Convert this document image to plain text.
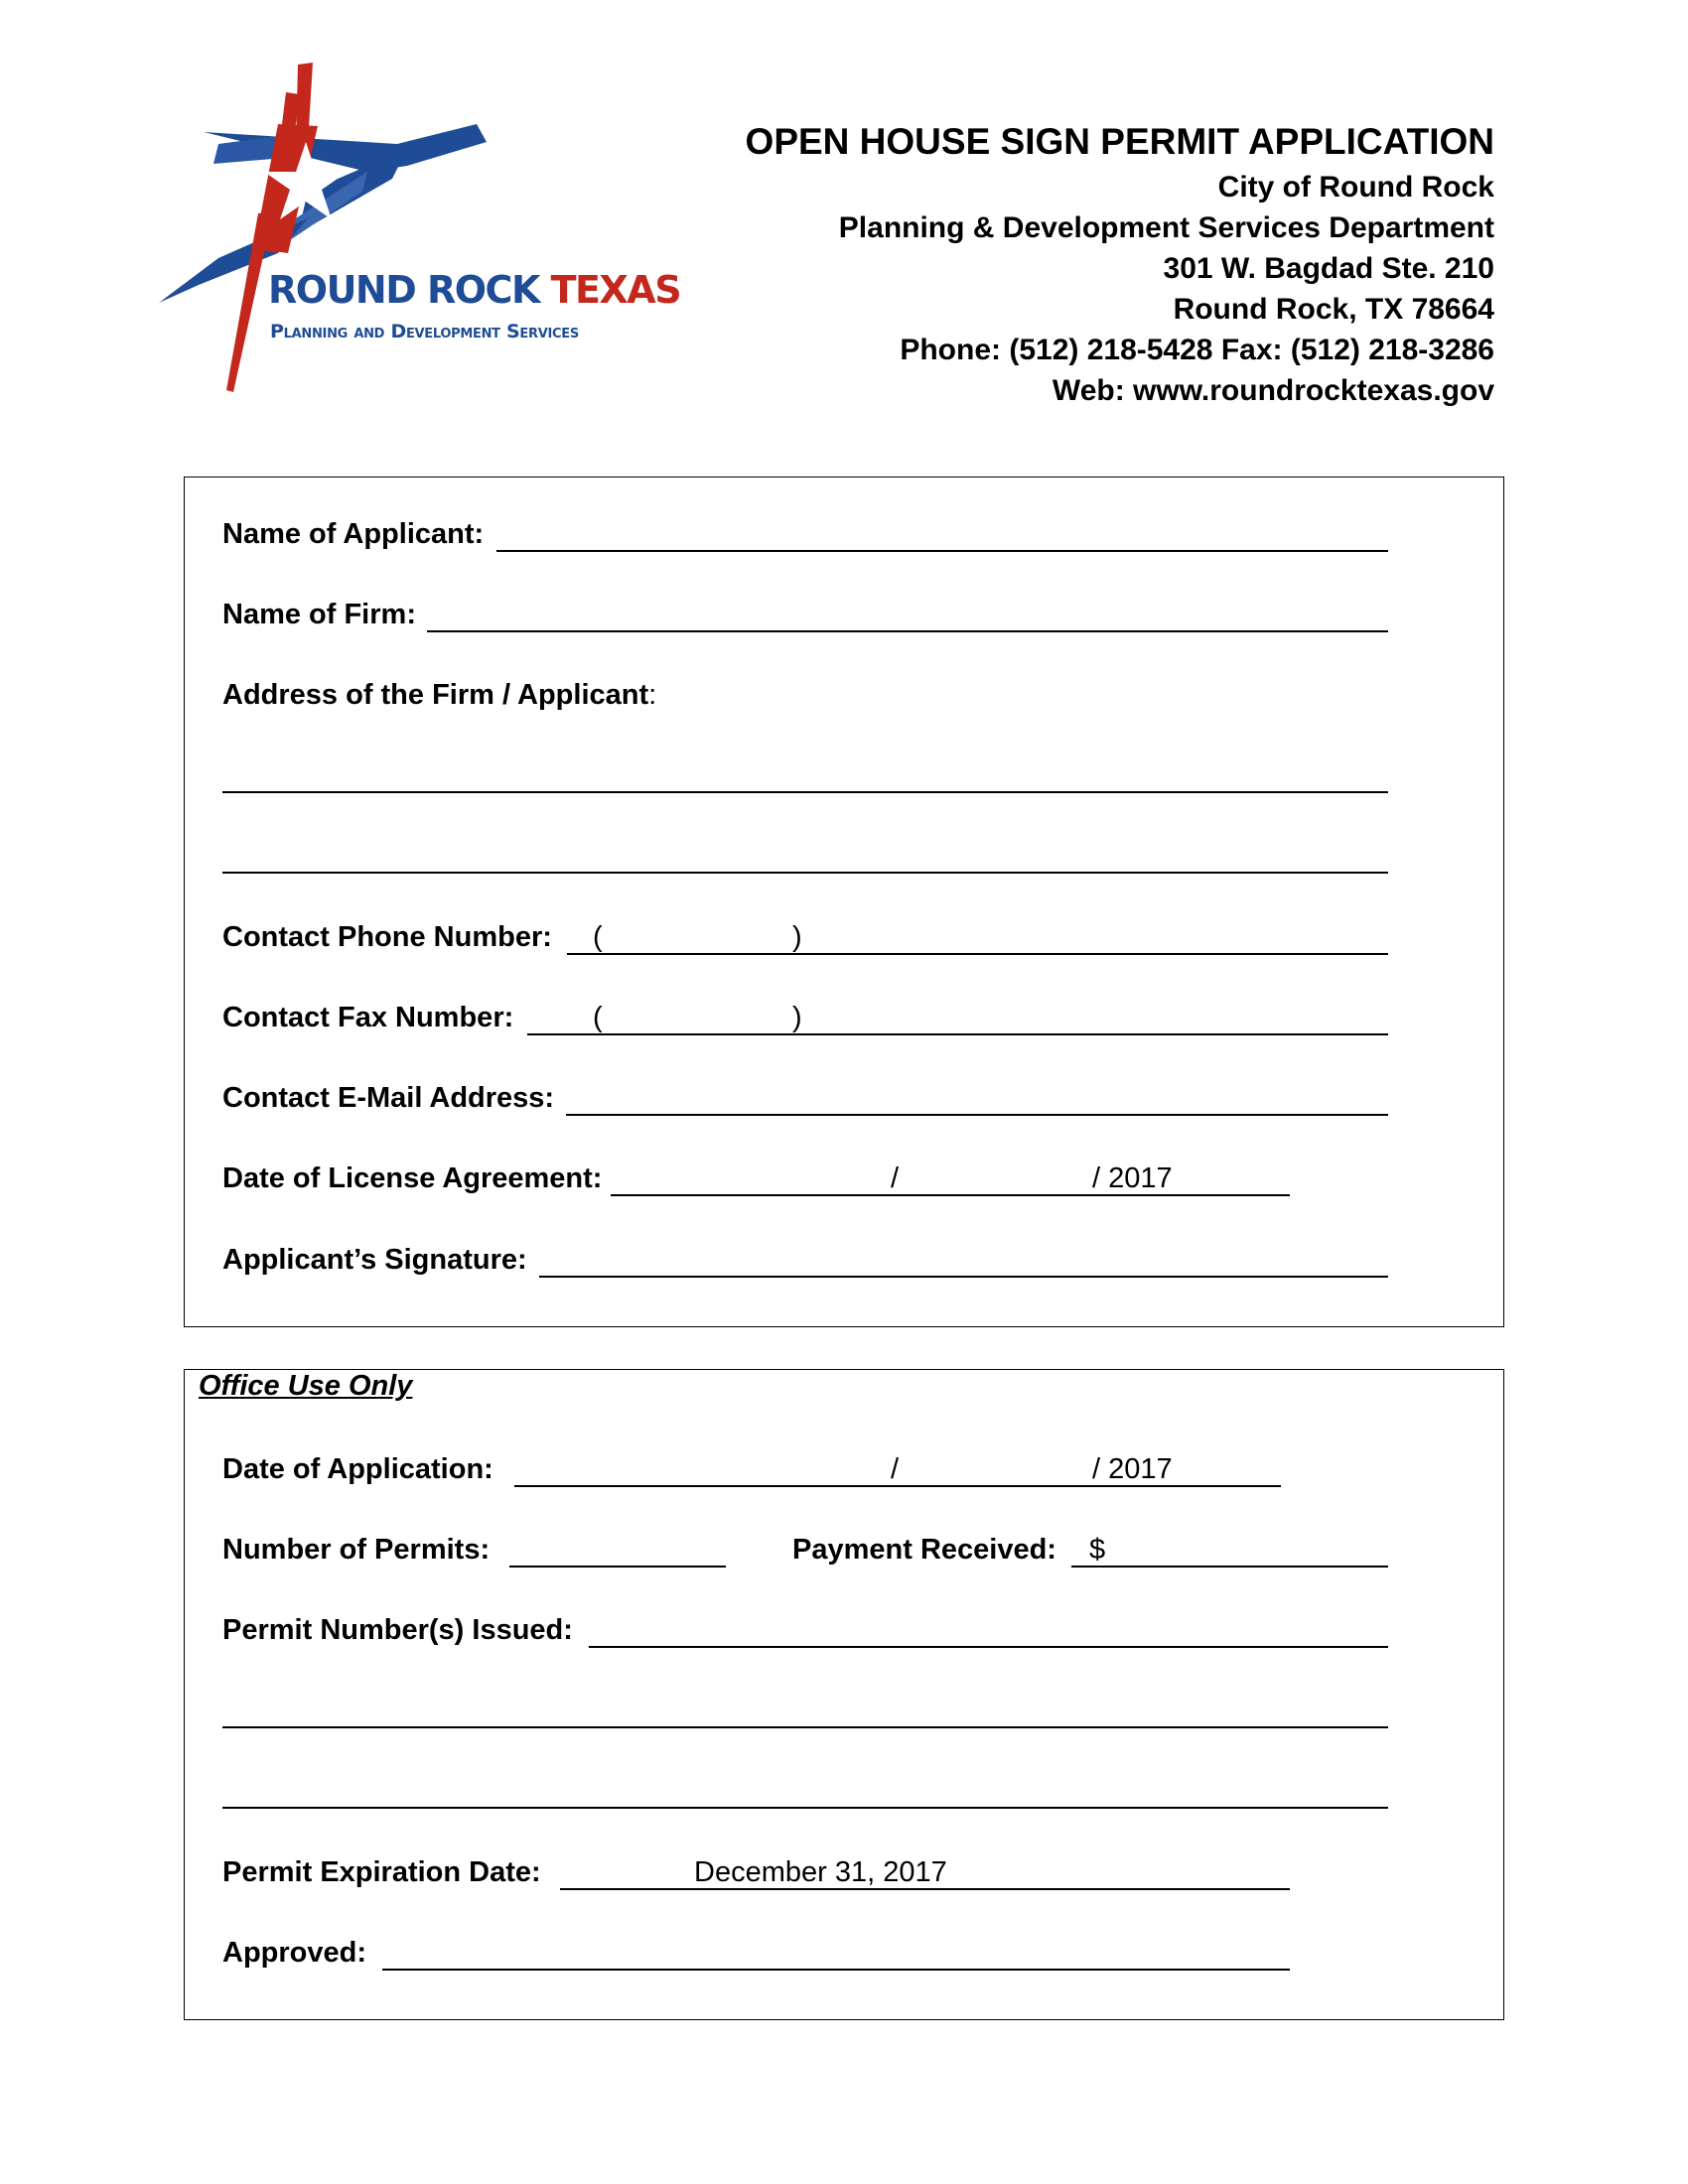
ROUND ROCK TEXAS
Planning and Development Services
OPEN HOUSE SIGN PERMIT APPLICATION
City of Round Rock
Planning & Development Services Department
301 W. Bagdad Ste. 210
Round Rock, TX 78664
Phone: (512) 218-5428 Fax: (512) 218-3286
Web: www.roundrocktexas.gov
Name of Applicant:
Name of Firm:
Address of the Firm / Applicant:
Contact Phone Number: (	)
Contact Fax Number:	(	)
Contact E-Mail Address:
Date of License Agreement:	/	/ 2017
Applicant’s Signature:
Office Use Only
Date of Application:	/	/ 2017
Number of Permits:	Payment Received: $
Permit Number(s) Issued:
Permit Expiration Date:	December 31, 2017
Approved:
